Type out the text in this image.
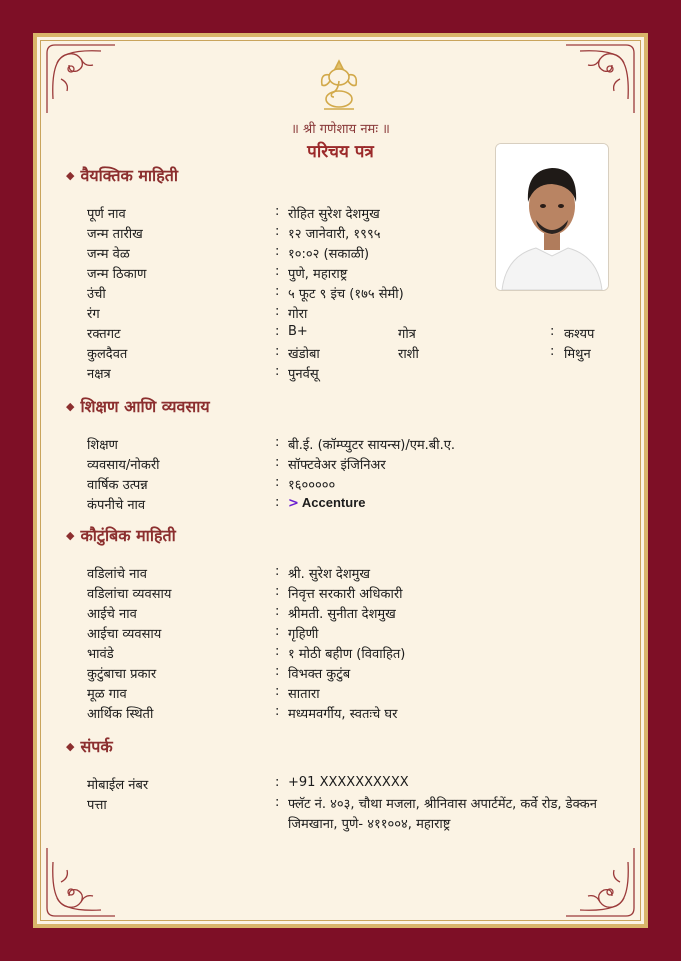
॥ श्री गणेशाय नमः ॥
परिचय पत्र
◆ वैयक्तिक माहिती
पूर्ण नाव	: रोहित सुरेश देशमुख
जन्म तारीख	: १२ जानेवारी, १९९५
जन्म वेळ	: १०:०२ (सकाळी)
जन्म ठिकाण	: पुणे, महाराष्ट्र
उंची	: ५ फूट ९ इंच (१७५ सेमी)
रंग	: गोरा
रक्तगट	: B+	गोत्र	: कश्यप
कुलदैवत	: खंडोबा	राशी	: मिथुन
नक्षत्र	: पुनर्वसू
◆ शिक्षण आणि व्यवसाय
शिक्षण	: बी.ई. (कॉम्प्युटर सायन्स)/एम.बी.ए.
व्यवसाय/नोकरी	: सॉफ्टवेअर इंजिनिअर
वार्षिक उत्पन्न	: १६०००००
कंपनीचे नाव	: > Accenture
◆ कौटुंबिक माहिती
वडिलांचे नाव	: श्री. सुरेश देशमुख
वडिलांचा व्यवसाय	: निवृत्त सरकारी अधिकारी
आईचे नाव	: श्रीमती. सुनीता देशमुख
आईचा व्यवसाय	: गृहिणी
भावंडे	: १ मोठी बहीण (विवाहित)
कुटुंबाचा प्रकार	: विभक्त कुटुंब
मूळ गाव	: सातारा
आर्थिक स्थिती	: मध्यमवर्गीय, स्वतःचे घर
◆ संपर्क
मोबाईल नंबर	: +91 XXXXXXXXXX
पत्ता	: फ्लॅट नं. ४०३, चौथा मजला, श्रीनिवास अपार्टमेंट, कर्वे रोड, डेक्कन जिमखाना, पुणे- ४११००४, महाराष्ट्र
